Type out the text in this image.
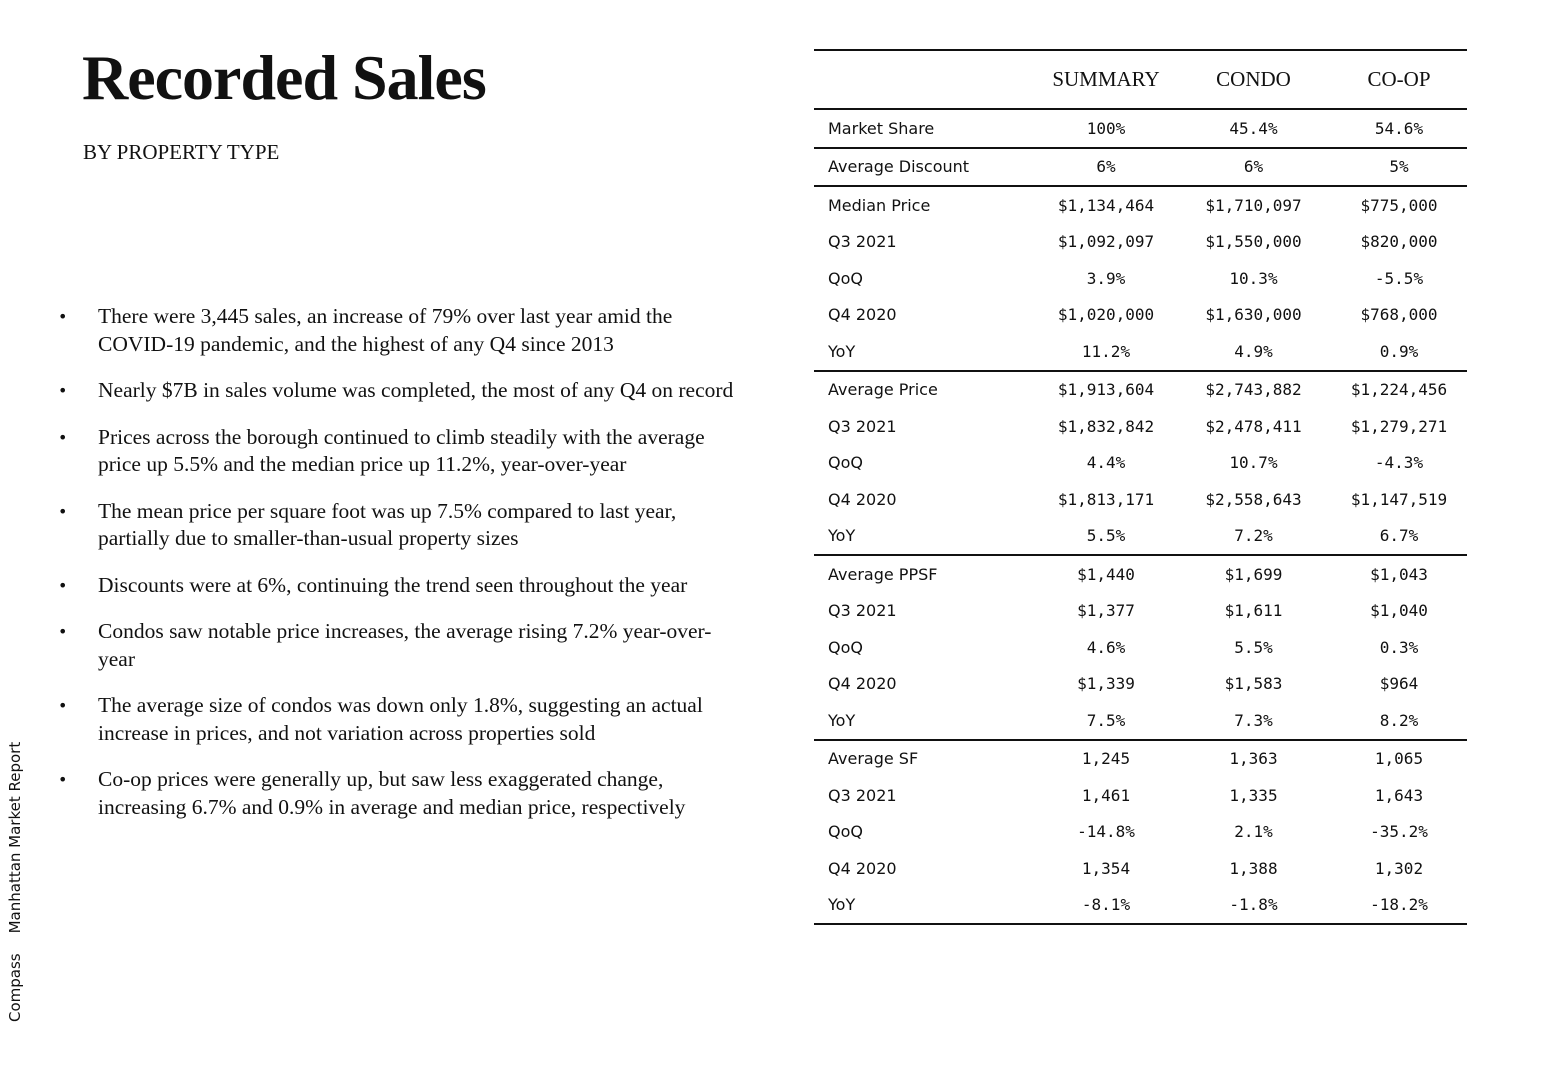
Recorded Sales
BY PROPERTY TYPE
• There were 3,445 sales, an increase of 79% over last year amid the COVID-19 pandemic, and the highest of any Q4 since 2013
• Nearly $7B in sales volume was completed, the most of any Q4 on record
• Prices across the borough continued to climb steadily with the average price up 5.5% and the median price up 11.2%, year-over-year
• The mean price per square foot was up 7.5% compared to last year, partially due to smaller-than-usual property sizes
• Discounts were at 6%, continuing the trend seen throughout the year
• Condos saw notable price increases, the average rising 7.2% year-over-year
• The average size of condos was down only 1.8%, suggesting an actual increase in prices, and not variation across properties sold
• Co-op prices were generally up, but saw less exaggerated change, increasing 6.7% and 0.9% in average and median price, respectively
CompassManhattan Market Report
	SUMMARY	CONDO	CO-OP
Market Share	100%	45.4%	54.6%
Average Discount	6%	6%	5%
Median Price	$1,134,464	$1,710,097	$775,000
Q3 2021	$1,092,097	$1,550,000	$820,000
QoQ	3.9%	10.3%	-5.5%
Q4 2020	$1,020,000	$1,630,000	$768,000
YoY	11.2%	4.9%	0.9%
Average Price	$1,913,604	$2,743,882	$1,224,456
Q3 2021	$1,832,842	$2,478,411	$1,279,271
QoQ	4.4%	10.7%	-4.3%
Q4 2020	$1,813,171	$2,558,643	$1,147,519
YoY	5.5%	7.2%	6.7%
Average PPSF	$1,440	$1,699	$1,043
Q3 2021	$1,377	$1,611	$1,040
QoQ	4.6%	5.5%	0.3%
Q4 2020	$1,339	$1,583	$964
YoY	7.5%	7.3%	8.2%
Average SF	1,245	1,363	1,065
Q3 2021	1,461	1,335	1,643
QoQ	-14.8%	2.1%	-35.2%
Q4 2020	1,354	1,388	1,302
YoY	-8.1%	-1.8%	-18.2%
